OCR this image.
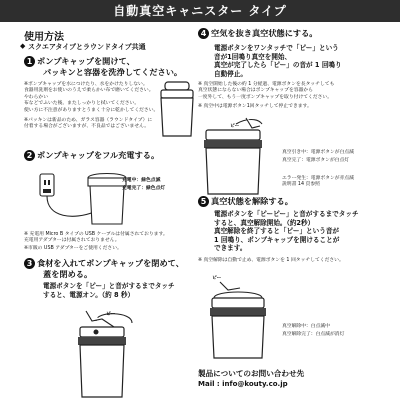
自動真空キャニスター タイプ
使用方法
◆ スクエアタイプとラウンドタイプ共通
1 ポンプキャップを開けて、
パッキンと容器を洗浄してください。
※ポンプキャップを水につけたり、水をかけたりしない。
食器用洗剤をお使いのうえで柔らかい布で磨いてください。
やわらかい
布などでふいた後、またしっかりと拭いてください。
使い方に不注意がありますとうまく十分に乾かしてください。
※パッキンは新品のため、ガラス容器（ラウンドタイプ）に
付着する場合がございますが、不良品ではございません。
2 ポンプキャップをフル充電する。
充電中：緑色点滅
充電完了：緑色点灯
※ 充電用 Micro B タイプの USB ケーブルは付属されております。
充電用アダプターは付属されておりません。
※市販の USB アダプターをご使用ください。
3 食材を入れてポンプキャップを閉めて、
蓋を閉める。
電源ボタンを「ピー」と音がするまでタッチ
すると、電源オン。（約 8 秒）
ピー
4 空気を抜き真空状態にする。
電源ボタンをワンタッチで「ピー」という
音が1回鳴り真空を開始、
真空が完了したら「ピー」の音が 1 回鳴り
自動停止。
※ 真空開始した後の約 1 分経過、電源ボタンを長タッチしても
真空状態にならない場合はポンプキャップを容器から
一度外して、もう一度ポンプキャップを取り付けてください。
※ 真空中は電源ボタン1回タッチして停止できます。
ピー
真空引き中：電源ボタンが白点滅
真空完了：電源ボタンが白点灯
エラー発生：電源ボタンが赤点滅
説明書 14 頁参照
5 真空状態を解除する。
電源ボタンを「ピーピー」と音がするまでタッチ
すると、真空解除開始。（約2秒）
真空解除を終了すると「ピー」という音が
1 回鳴り、ポンプキャップを開けることが
できます。
※ 真空解除は自動で止め、電源ボタンを 1 回タッチしてください。
ピー
真空解除中：白点滅中
真空解除完了：白点滅が消灯
製品についてのお問い合わせ先
Mail : info@kouty.co.jp
